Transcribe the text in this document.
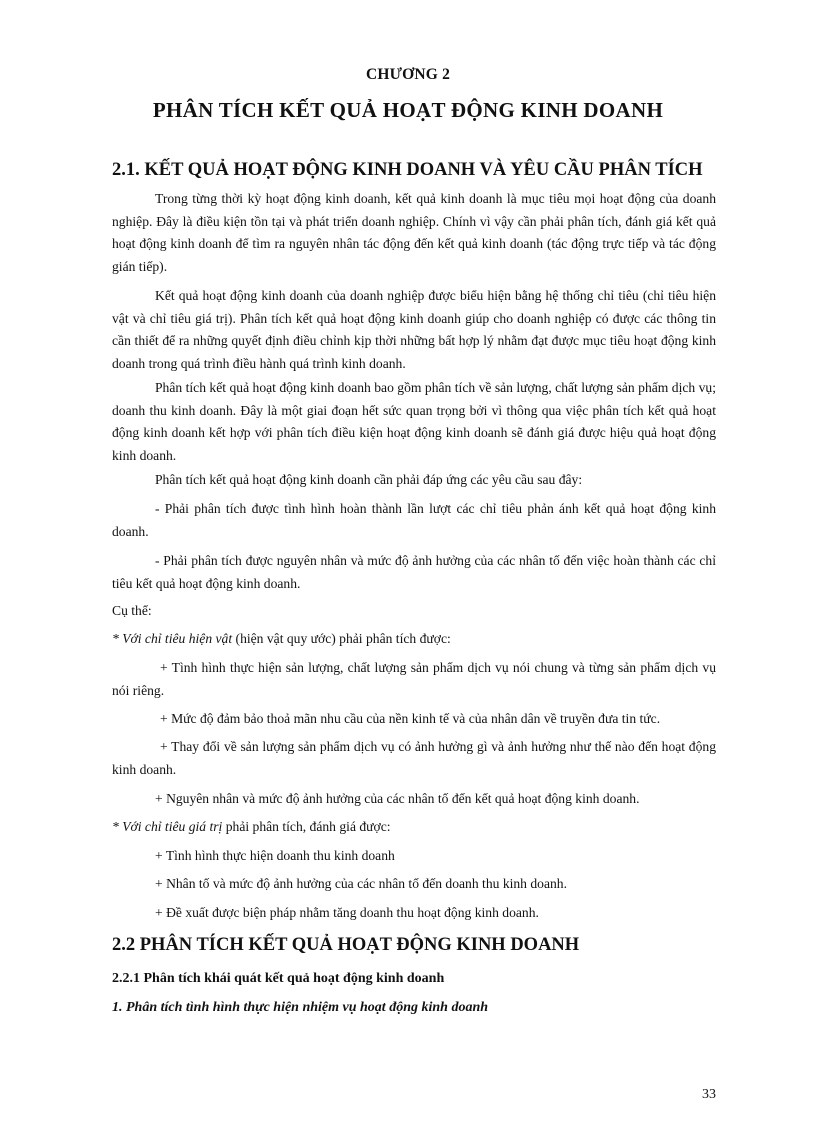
CHƯƠNG 2
PHÂN TÍCH KẾT QUẢ HOẠT ĐỘNG KINH DOANH
2.1. KẾT QUẢ HOẠT ĐỘNG KINH DOANH VÀ YÊU CẦU PHÂN TÍCH

Trong từng thời kỳ hoạt động kinh doanh, kết quả kinh doanh là mục tiêu mọi hoạt động của doanh nghiệp. Đây là điều kiện tồn tại và phát triển doanh nghiệp. Chính vì vậy cần phải phân tích, đánh giá kết quả hoạt động kinh doanh để tìm ra nguyên nhân tác động đến kết quả kinh doanh (tác động trực tiếp và tác động gián tiếp).

Kết quả hoạt động kinh doanh của doanh nghiệp được biểu hiện bằng hệ thống chỉ tiêu (chỉ tiêu hiện vật và chỉ tiêu giá trị). Phân tích kết quả hoạt động kinh doanh giúp cho doanh nghiệp có được các thông tin cần thiết để ra những quyết định điều chỉnh kịp thời những bất hợp lý nhằm đạt được mục tiêu hoạt động kinh doanh trong quá trình điều hành quá trình kinh doanh.

Phân tích kết quả hoạt động kinh doanh bao gồm phân tích về sản lượng, chất lượng sản phẩm dịch vụ; doanh thu kinh doanh. Đây là một giai đoạn hết sức quan trọng bởi vì thông qua việc phân tích kết quả hoạt động kinh doanh kết hợp với phân tích điều kiện hoạt động kinh doanh sẽ đánh giá được hiệu quả hoạt động kinh doanh.

Phân tích kết quả hoạt động kinh doanh cần phải đáp ứng các yêu cầu sau đây:

- Phải phân tích được tình hình hoàn thành lần lượt các chỉ tiêu phản ánh kết quả hoạt động kinh doanh.

- Phải phân tích được nguyên nhân và mức độ ảnh hưởng của các nhân tố đến việc hoàn thành các chỉ tiêu kết quả hoạt động kinh doanh.

Cụ thể:

* Với chỉ tiêu hiện vật (hiện vật quy ước) phải phân tích được:

+ Tình hình thực hiện sản lượng, chất lượng sản phẩm dịch vụ nói chung và từng sản phẩm dịch vụ nói riêng.

+ Mức độ đảm bảo thoả mãn nhu cầu của nền kinh tế và của nhân dân về truyền đưa tin tức.

+ Thay đổi về sản lượng sản phẩm dịch vụ có ảnh hưởng gì và ảnh hưởng như thế nào đến hoạt động kinh doanh.

+ Nguyên nhân và mức độ ảnh hưởng của các nhân tố đến kết quả hoạt động kinh doanh.

* Với chỉ tiêu giá trị phải phân tích, đánh giá được:

+ Tình hình thực hiện doanh thu kinh doanh

+ Nhân tố và mức độ ảnh hưởng của các nhân tố đến doanh thu kinh doanh.

+ Đề xuất được biện pháp nhằm tăng doanh thu hoạt động kinh doanh.

2.2 PHÂN TÍCH KẾT QUẢ HOẠT ĐỘNG KINH DOANH
2.2.1 Phân tích khái quát kết quả hoạt động kinh doanh
1. Phân tích tình hình thực hiện nhiệm vụ hoạt động kinh doanh
33
